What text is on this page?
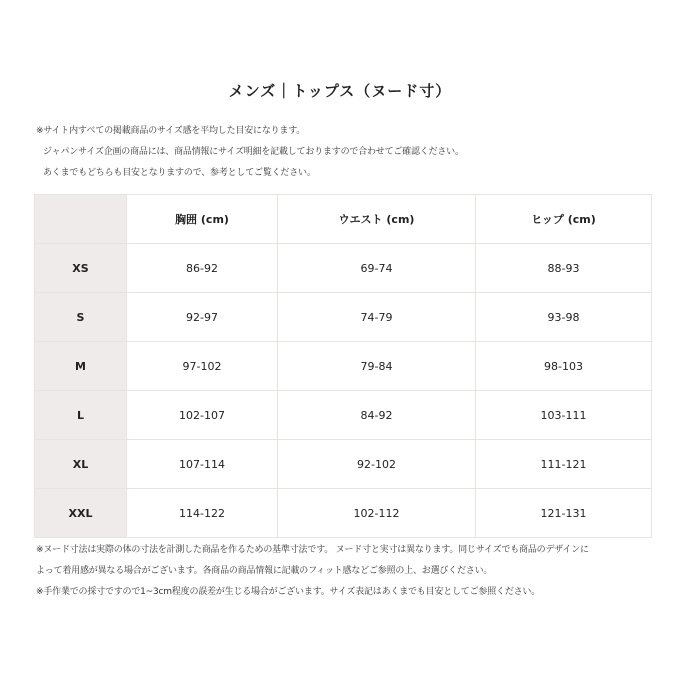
メンズ｜トップス（ヌード寸）
※サイト内すべての掲載商品のサイズ感を平均した目安になります。
ジャパンサイズ企画の商品には、商品情報にサイズ明細を記載しておりますので合わせてご確認ください。
あくまでもどちらも目安となりますので、参考としてご覧ください。
	胸囲 (cm)	ウエスト (cm)	ヒップ (cm)
XS	86-92	69-74	88-93
S	92-97	74-79	93-98
M	97-102	79-84	98-103
L	102-107	84-92	103-111
XL	107-114	92-102	111-121
XXL	114-122	102-112	121-131
※ヌード寸法は実際の体の寸法を計測した商品を作るための基準寸法です。 ヌード寸と実寸は異なります。同じサイズでも商品のデザインに
よって着用感が異なる場合がございます。各商品の商品情報に記載のフィット感などご参照の上、お選びください。
※手作業での採寸ですので1~3cm程度の誤差が生じる場合がございます。サイズ表記はあくまでも目安としてご参照ください。
